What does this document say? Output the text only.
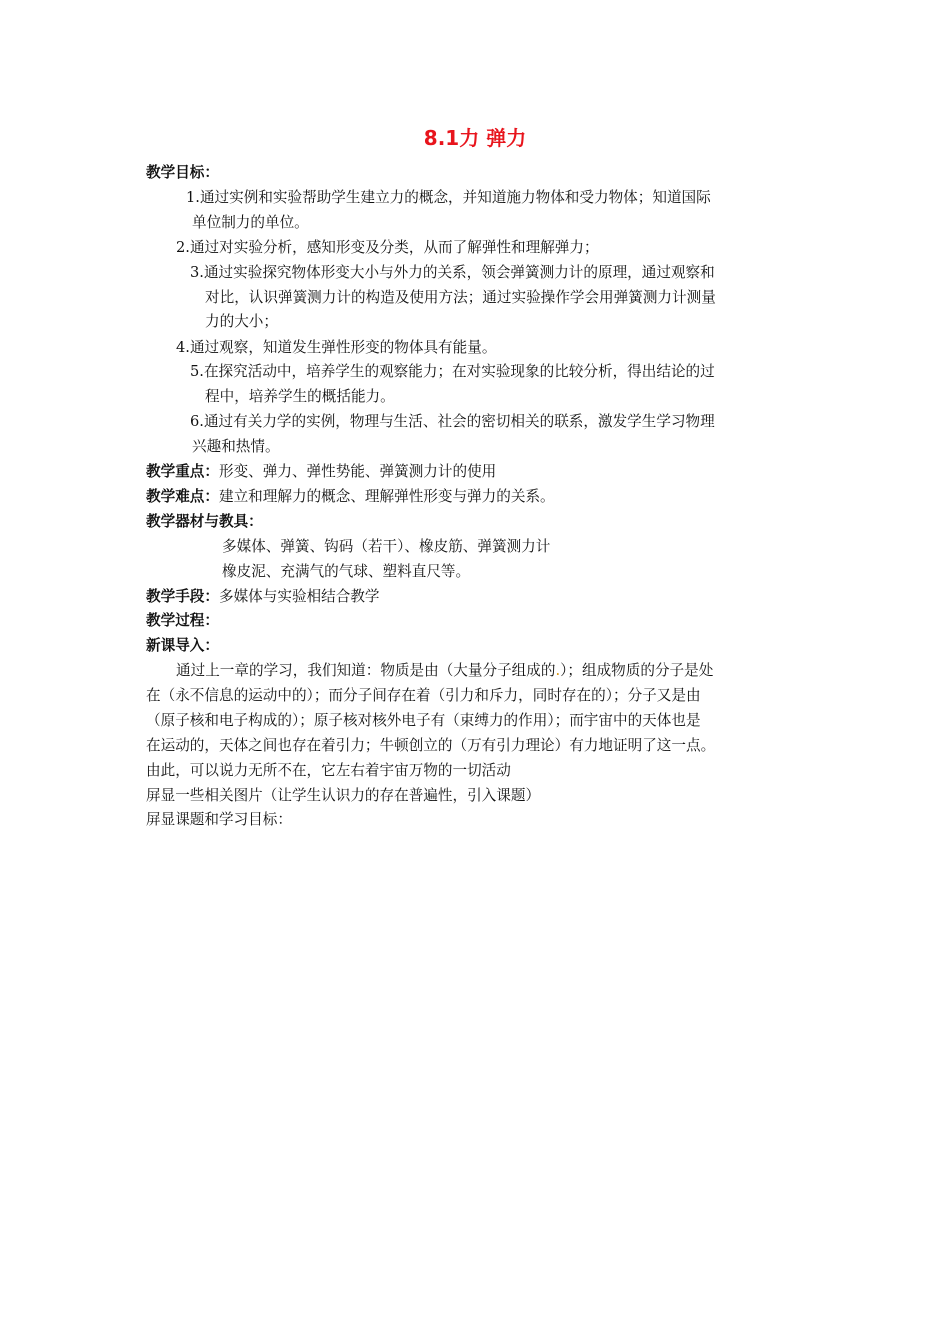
8.1力 弹力
教学目标：
1.通过实例和实验帮助学生建立力的概念，并知道施力物体和受力物体；知道国际
单位制力的单位。
2.通过对实验分析，感知形变及分类，从而了解弹性和理解弹力；
3.通过实验探究物体形变大小与外力的关系，领会弹簧测力计的原理，通过观察和
对比，认识弹簧测力计的构造及使用方法；通过实验操作学会用弹簧测力计测量
力的大小；
4.通过观察，知道发生弹性形变的物体具有能量。
5.在探究活动中，培养学生的观察能力；在对实验现象的比较分析，得出结论的过
程中，培养学生的概括能力。
6.通过有关力学的实例，物理与生活、社会的密切相关的联系，激发学生学习物理
兴趣和热情。
教学重点：形变、弹力、弹性势能、弹簧测力计的使用
教学难点：建立和理解力的概念、理解弹性形变与弹力的关系。
教学器材与教具：
多媒体、弹簧、钩码（若干）、橡皮筋、弹簧测力计
橡皮泥、充满气的气球、塑料直尺等。
教学手段：多媒体与实验相结合教学
教学过程：
新课导入：
通过上一章的学习，我们知道：物质是由（大量分子组成的.）；组成物质的分子是处
在（永不信息的运动中的）；而分子间存在着（引力和斥力，同时存在的）；分子又是由
（原子核和电子构成的）；原子核对核外电子有（束缚力的作用）；而宇宙中的天体也是
在运动的，天体之间也存在着引力；牛顿创立的（万有引力理论）有力地证明了这一点。
由此，可以说力无所不在，它左右着宇宙万物的一切活动
屏显一些相关图片（让学生认识力的存在普遍性，引入课题）
屏显课题和学习目标：
